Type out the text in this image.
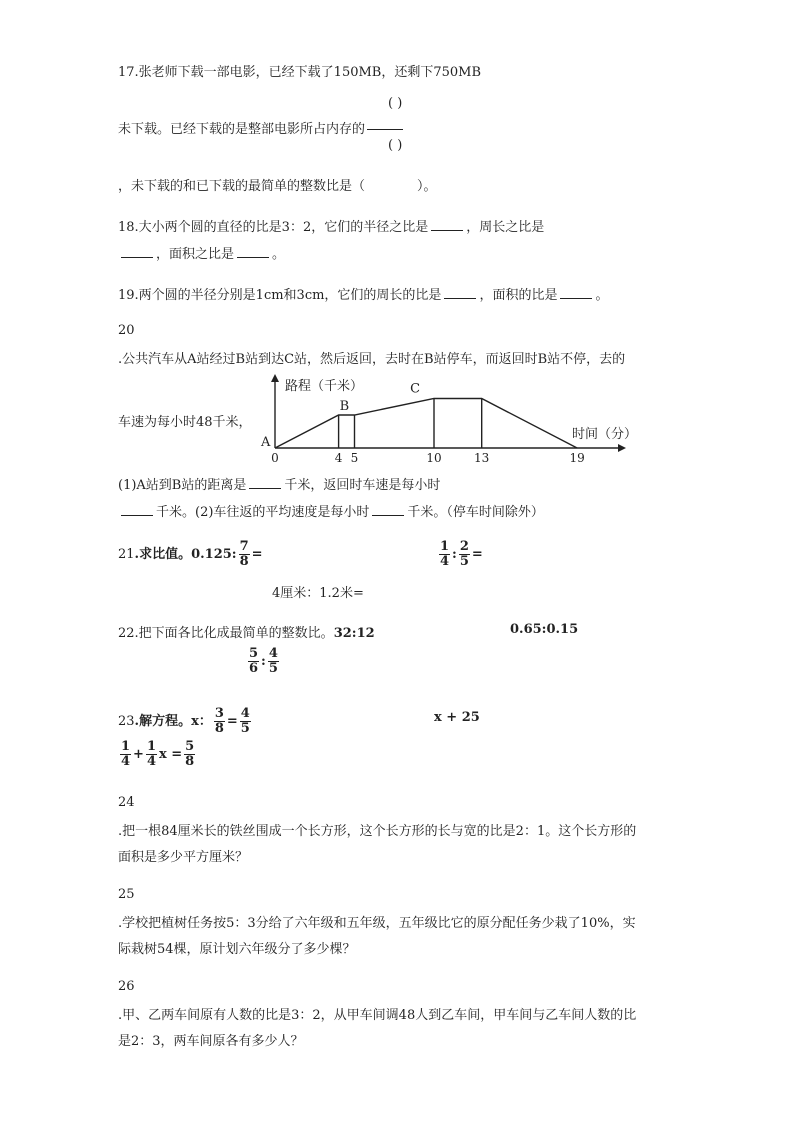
17.张老师下载一部电影，已经下载了150MB，还剩下750MB
( )
未下载。已经下载的是整部电影所占内存的
( )
，未下载的和已下载的最简单的整数比是（　　　　）。
18.大小两个圆的直径的比是3：2，它们的半径之比是	，周长之比是
，面积之比是	。
19.两个圆的半径分别是1cm和3cm，它们的周长的比是	，面积的比是	。
20
.公共汽车从A站经过B站到达C站，然后返回，去时在B站停车，而返回时B站不停，去的
车速为每小时48千米，
路程（千米）
时间（分）
0	4 5	10	13	19
A
B
C
(1)A站到B站的距离是	千米，返回时车速是每小时
千米。(2)车往返的平均速度是每小时	千米。（停车时间除外）
21.求比值。0.125: $\frac{7}{8}$ =	$\frac{1}{4}$ : $\frac{2}{5}$ =
4厘米：1.2米=
22.把下面各比化成最简单的整数比。32:12	0.65:0.15
$\frac{5}{6}$ : $\frac{4}{5}$
23.解方程。x： $\frac{3}{8} = \frac{4}{5}$	x + 25
$\frac{1}{4} + \frac{1}{4}$ $x = \frac{5}{8}$
24
.把一根84厘米长的铁丝围成一个长方形，这个长方形的长与宽的比是2：1。这个长方形的
面积是多少平方厘米？
25
.学校把植树任务按5：3分给了六年级和五年级，五年级比它的原分配任务少栽了10%，实
际栽树54棵，原计划六年级分了多少棵？
26
.甲、乙两车间原有人数的比是3：2，从甲车间调48人到乙车间，甲车间与乙车间人数的比
是2：3，两车间原各有多少人？
